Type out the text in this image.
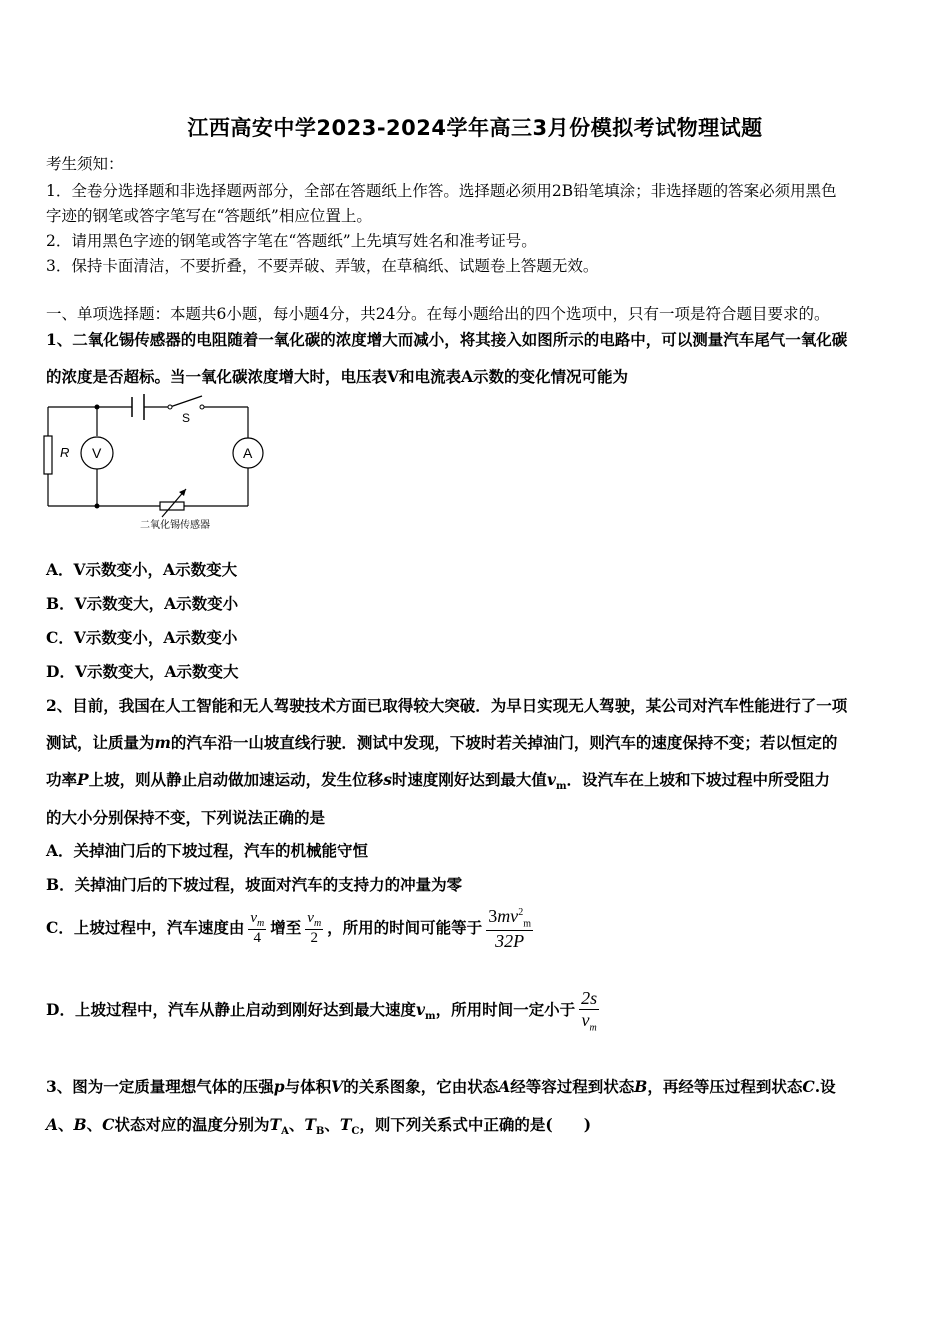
江西高安中学2023-2024学年高三3月份模拟考试物理试题
考生须知：
1．全卷分选择题和非选择题两部分，全部在答题纸上作答。选择题必须用2B铅笔填涂；非选择题的答案必须用黑色
字迹的钢笔或答字笔写在“答题纸”相应位置上。
2．请用黑色字迹的钢笔或答字笔在“答题纸”上先填写姓名和准考证号。
3．保持卡面清洁，不要折叠，不要弄破、弄皱，在草稿纸、试题卷上答题无效。
一、单项选择题：本题共6小题，每小题4分，共24分。在每小题给出的四个选项中，只有一项是符合题目要求的。
1、二氧化锡传感器的电阻随着一氧化碳的浓度增大而减小，将其接入如图所示的电路中，可以测量汽车尾气一氧化碳
的浓度是否超标。当一氧化碳浓度增大时，电压表V和电流表A示数的变化情况可能为
R V	A
S
二氧化锡传感器
A．V示数变小，A示数变大
B．V示数变大，A示数变小
C．V示数变小，A示数变小
D．V示数变大，A示数变大
2、目前，我国在人工智能和无人驾驶技术方面已取得较大突破．为早日实现无人驾驶，某公司对汽车性能进行了一项
测试，让质量为m的汽车沿一山坡直线行驶．测试中发现，下坡时若关掉油门，则汽车的速度保持不变；若以恒定的
功率P上坡，则从静止启动做加速运动，发生位移s时速度刚好达到最大值$v_m$．设汽车在上坡和下坡过程中所受阻力
的大小分别保持不变，下列说法正确的是
A．关掉油门后的下坡过程，汽车的机械能守恒
B．关掉油门后的下坡过程，坡面对汽车的支持力的冲量为零
C．上坡过程中，汽车速度由 $\frac{v_m}{4}$ 增至 $\frac{v_m}{2}$ ，所用的时间可能等于 $\frac{3mv^2_m}{32P}$
D．上坡过程中，汽车从静止启动到刚好达到最大速度$v_m$，所用时间一定小于 $\frac{2s}{v_m}$
3、图为一定质量理想气体的压强p与体积V的关系图象，它由状态A经等容过程到状态B，再经等压过程到状态C.设
A、B、C状态对应的温度分别为$T_A$、$T_B$、$T_C$，则下列关系式中正确的是(　　)
